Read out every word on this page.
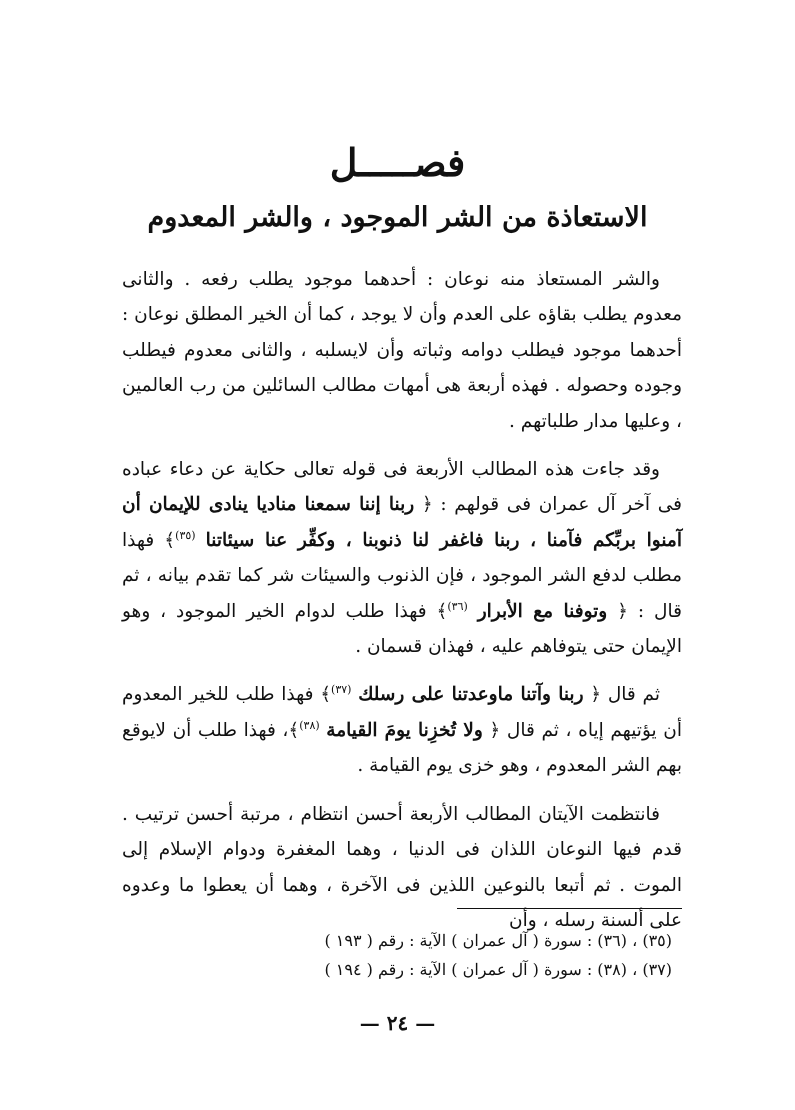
فصـــــل
الاستعاذة من الشر الموجود ، والشر المعدوم

والشر المستعاذ منه نوعان : أحدهما موجود يطلب رفعه . والثانى معدوم يطلب بقاؤه على العدم وأن لا يوجد ، كما أن الخير المطلق نوعان : أحدهما موجود فيطلب دوامه وثباته وأن لايسلبه ، والثانى معدوم فيطلب وجوده وحصوله . فهذه أربعة هى أمهات مطالب السائلين من رب العالمين ، وعليها مدار طلباتهم .

وقد جاءت هذه المطالب الأربعة فى قوله تعالى حكاية عن دعاء عباده فى آخر آل عمران فى قولهم : ﴿ ربنا إننا سمعنا مناديا ينادى للإيمان أن آمنوا بربِّكم فآمنا ، ربنا فاغفر لنا ذنوبنا ، وكفِّر عنا سيئاتنا $^{(٣٥)}$﴾ فهذا مطلب لدفع الشر الموجود ، فإن الذنوب والسيئات شر كما تقدم بيانه ، ثم قال : ﴿ وتوفنا مع الأبرار $^{(٣٦)}$﴾ فهذا طلب لدوام الخير الموجود ، وهو الإيمان حتى يتوفاهم عليه ، فهذان قسمان .

ثم قال ﴿ ربنا وآتنا ماوعدتنا على رسلك $^{(٣٧)}$﴾ فهذا طلب للخير المعدوم أن يؤتيهم إياه ، ثم قال ﴿ ولا تُخزِنا يومَ القيامة $^{(٣٨)}$﴾، فهذا طلب أن لايوقع بهم الشر المعدوم ، وهو خزى يوم القيامة .

فانتظمت الآيتان المطالب الأربعة أحسن انتظام ، مرتبة أحسن ترتيب . قدم فيها النوعان اللذان فى الدنيا ، وهما المغفرة ودوام الإسلام إلى الموت . ثم أتبعا بالنوعين اللذين فى الآخرة ، وهما أن يعطوا ما وعدوه على ألسنة رسله ، وأن

(٣٥) ، (٣٦) : سورة ( آل عمران ) الآية : رقم ( ١٩٣ )
(٣٧) ، (٣٨) : سورة ( آل عمران ) الآية : رقم ( ١٩٤ )
— ٢٤ —
